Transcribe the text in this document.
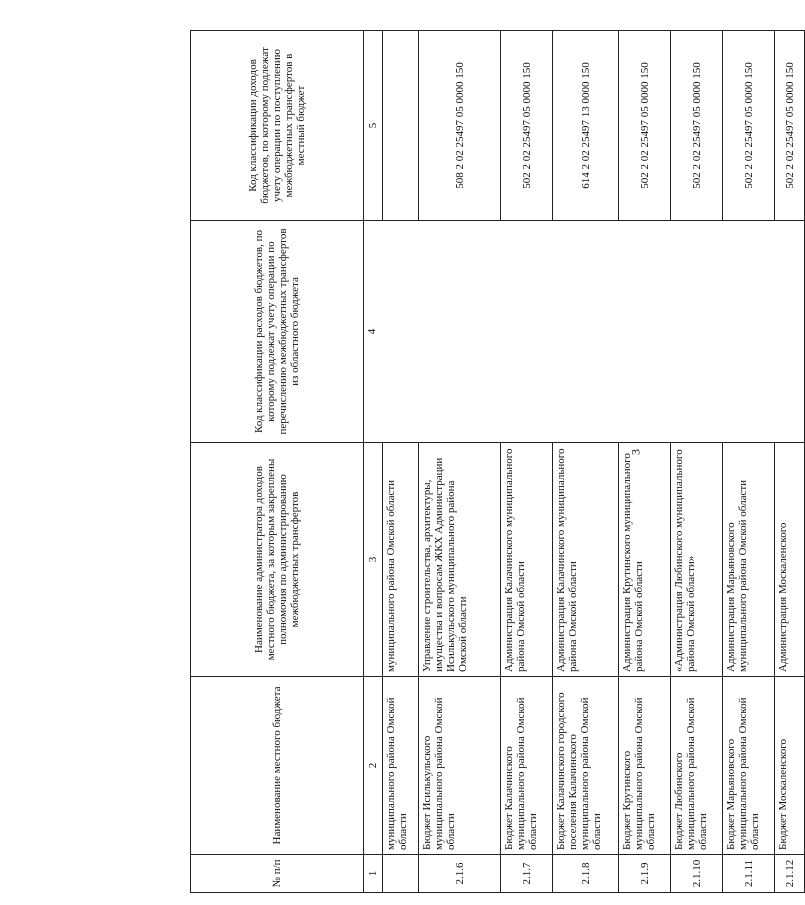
3
№ п/п	Наименование местного бюджета	Наименование администратора доходов местного бюджета, за которым закреплены полномочия по администрированию межбюджетных трансфертов	Код классификации расходов бюджетов, по которому подлежат учету операции по перечислению межбюджетных трансфертов из областного бюджета	Код классификации доходов бюджетов, по которому подлежат учету операции по поступлению межбюджетных трансфертов в местный бюджет
1	2	3	4	5
	муниципального района Омской области	муниципального района Омской области		
2.1.6	Бюджет Исилькульского муниципального района Омской области	Управление строительства, архитектуры, имущества и вопросам ЖКХ Администрации Исилькульского муниципального района Омской области		508 2 02 25497 05 0000 150
2.1.7	Бюджет Калачинского муниципального района Омской области	Администрация Калачинского муниципального района Омской области		502 2 02 25497 05 0000 150
2.1.8	Бюджет Калачинского городского поселения Калачинского муниципального района Омской области	Администрация Калачинского муниципального района Омской области		614 2 02 25497 13 0000 150
2.1.9	Бюджет Крутинского муниципального района Омской области	Администрация Крутинского муниципального района Омской области		502 2 02 25497 05 0000 150
2.1.10	Бюджет Любинского муниципального района Омской области	«Администрация Любинского муниципального района Омской области»		502 2 02 25497 05 0000 150
2.1.11	Бюджет Марьяновского муниципального района Омской области	Администрация Марьяновского муниципального района Омской области		502 2 02 25497 05 0000 150
2.1.12	Бюджет Москаленского	Администрация Москаленского		502 2 02 25497 05 0000 150
